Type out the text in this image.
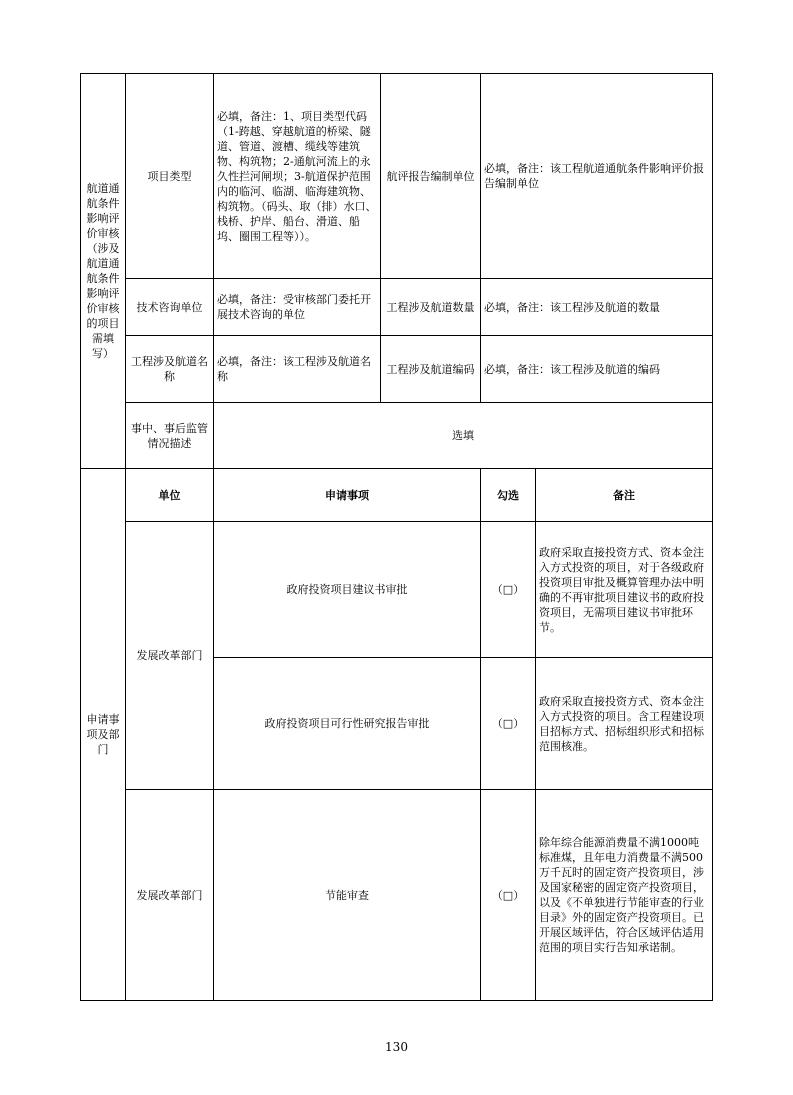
航道通航条件影响评价审核（涉及航道通航条件影响评价审核的项目需填写）	项目类型	必填，备注：1、项目类型代码（1-跨越、穿越航道的桥梁、隧道、管道、渡槽、缆线等建筑物、构筑物；2-通航河流上的永久性拦河闸坝；3-航道保护范围内的临河、临湖、临海建筑物、构筑物。（码头、取（排）水口、栈桥、护岸、船台、滑道、船坞、圈围工程等））。	航评报告编制单位	必填，备注：该工程航道通航条件影响评价报告编制单位	
	技术咨询单位	必填，备注：受审核部门委托开展技术咨询的单位	工程涉及航道数量	必填，备注：该工程涉及航道的数量	
	工程涉及航道名称	必填，备注：该工程涉及航道名称	工程涉及航道编码	必填，备注：该工程涉及航道的编码	
	事中、事后监管情况描述	选填			
申请事项及部门	单位	申请事项		勾选	备注
	发展改革部门	政府投资项目建议书审批		（□）	政府采取直接投资方式、资本金注入方式投资的项目，对于各级政府投资项目审批及概算管理办法中明确的不再审批项目建议书的政府投资项目，无需项目建议书审批环节。
		政府投资项目可行性研究报告审批		（□）	政府采取直接投资方式、资本金注入方式投资的项目。含工程建设项目招标方式、招标组织形式和招标范围核准。
	发展改革部门	节能审查		（□）	除年综合能源消费量不满1000吨标准煤，且年电力消费量不满500万千瓦时的固定资产投资项目，涉及国家秘密的固定资产投资项目，以及《不单独进行节能审查的行业目录》外的固定资产投资项目。已开展区域评估，符合区域评估适用范围的项目实行告知承诺制。
130
